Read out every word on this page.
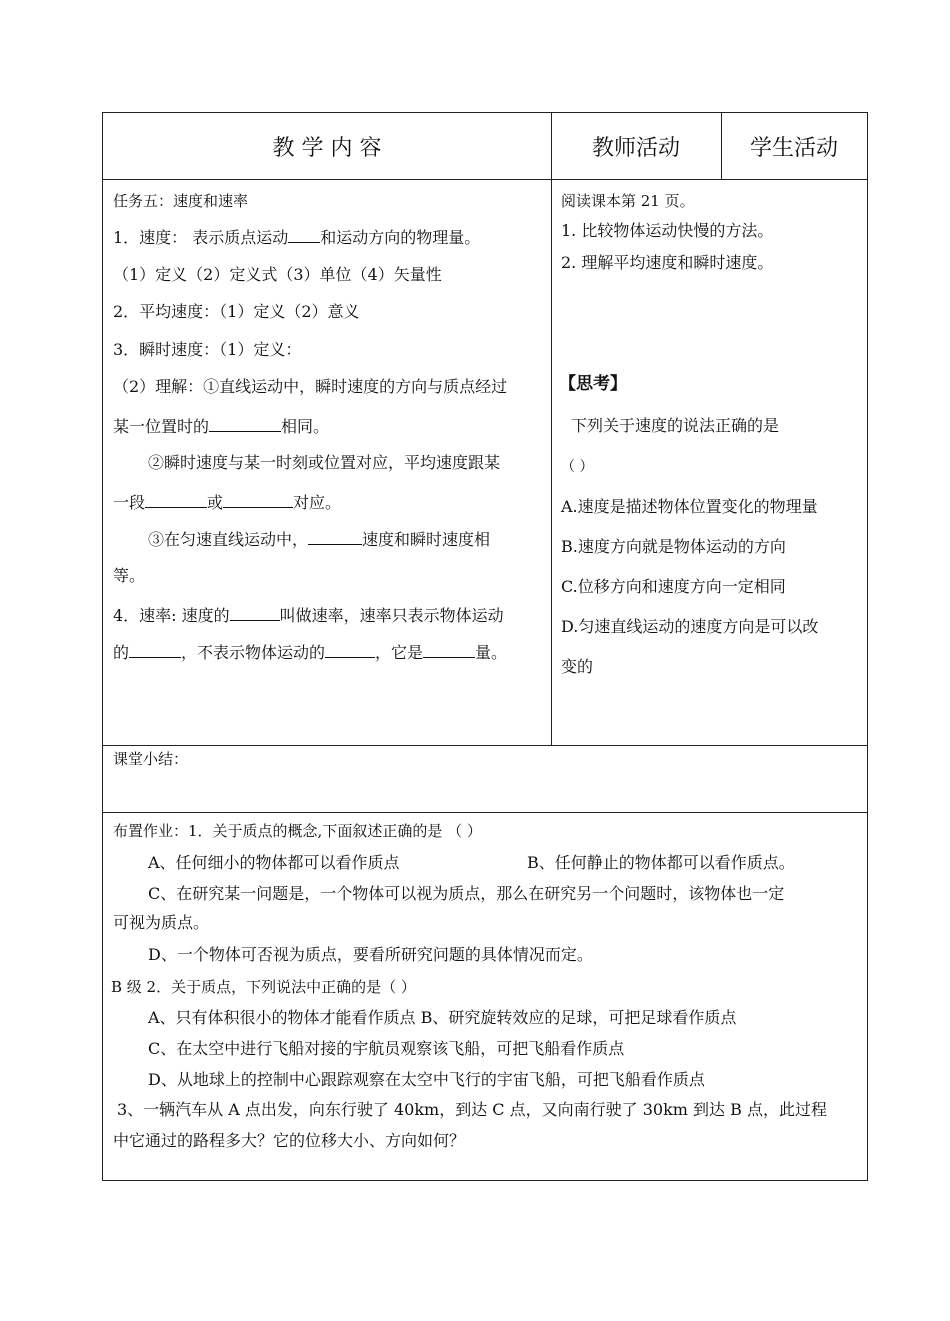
教 学 内 容	教师活动	学生活动
任务五：速度和速率
1．速度： 表示质点运动 和运动方向的物理量。
（1）定义（2）定义式（3）单位（4）矢量性
2．平均速度：（1）定义（2）意义
3．瞬时速度：（1）定义：
（2）理解：①直线运动中，瞬时速度的方向与质点经过
某一位置时的	相同。
②瞬时速度与某一时刻或位置对应，平均速度跟某
一段	或	对应。
③在匀速直线运动中，	速度和瞬时速度相
等。
4．速率: 速度的	叫做速率，速率只表示物体运动
的	，不表示物体运动的	，它是	量。
阅读课本第 21 页。
1. 比较物体运动快慢的方法。
2. 理解平均速度和瞬时速度。
【思考】
下列关于速度的说法正确的是
（ ）
A.速度是描述物体位置变化的物理量
B.速度方向就是物体运动的方向
C.位移方向和速度方向一定相同
D.匀速直线运动的速度方向是可以改
变的
课堂小结：
布置作业：1．关于质点的概念,下面叙述正确的是 （ ）
A、任何细小的物体都可以看作质点	B、任何静止的物体都可以看作质点。
C、在研究某一问题是，一个物体可以视为质点，那么在研究另一个问题时，该物体也一定
可视为质点。
D、一个物体可否视为质点，要看所研究问题的具体情况而定。
B 级 2．关于质点，下列说法中正确的是（ ）
A、只有体积很小的物体才能看作质点 B、研究旋转效应的足球，可把足球看作质点
C、在太空中进行飞船对接的宇航员观察该飞船，可把飞船看作质点
D、从地球上的控制中心跟踪观察在太空中飞行的宇宙飞船，可把飞船看作质点
3、一辆汽车从 A 点出发，向东行驶了 40km，到达 C 点，又向南行驶了 30km 到达 B 点，此过程
中它通过的路程多大？它的位移大小、方向如何？
